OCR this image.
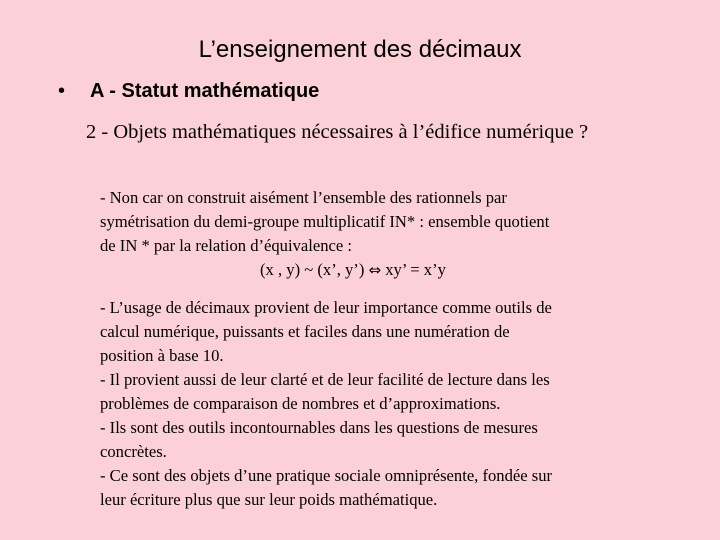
L’enseignement des décimaux
• A - Statut mathématique
2 - Objets mathématiques nécessaires à l’édifice numérique ?
- Non car on construit aisément l’ensemble des rationnels par
symétrisation du demi-groupe multiplicatif IN* : ensemble quotient
de IN * par la relation d’équivalence :
(x , y) ~ (x’, y’) ⇔ xy’ = x’y
- L’usage de décimaux provient de leur importance comme outils de
calcul numérique, puissants et faciles dans une numération de
position à base 10.
- Il provient aussi de leur clarté et de leur facilité de lecture dans les
problèmes de comparaison de nombres et d’approximations.
- Ils sont des outils incontournables dans les questions de mesures
concrètes.
- Ce sont des objets d’une pratique sociale omniprésente, fondée sur
leur écriture plus que sur leur poids mathématique.
